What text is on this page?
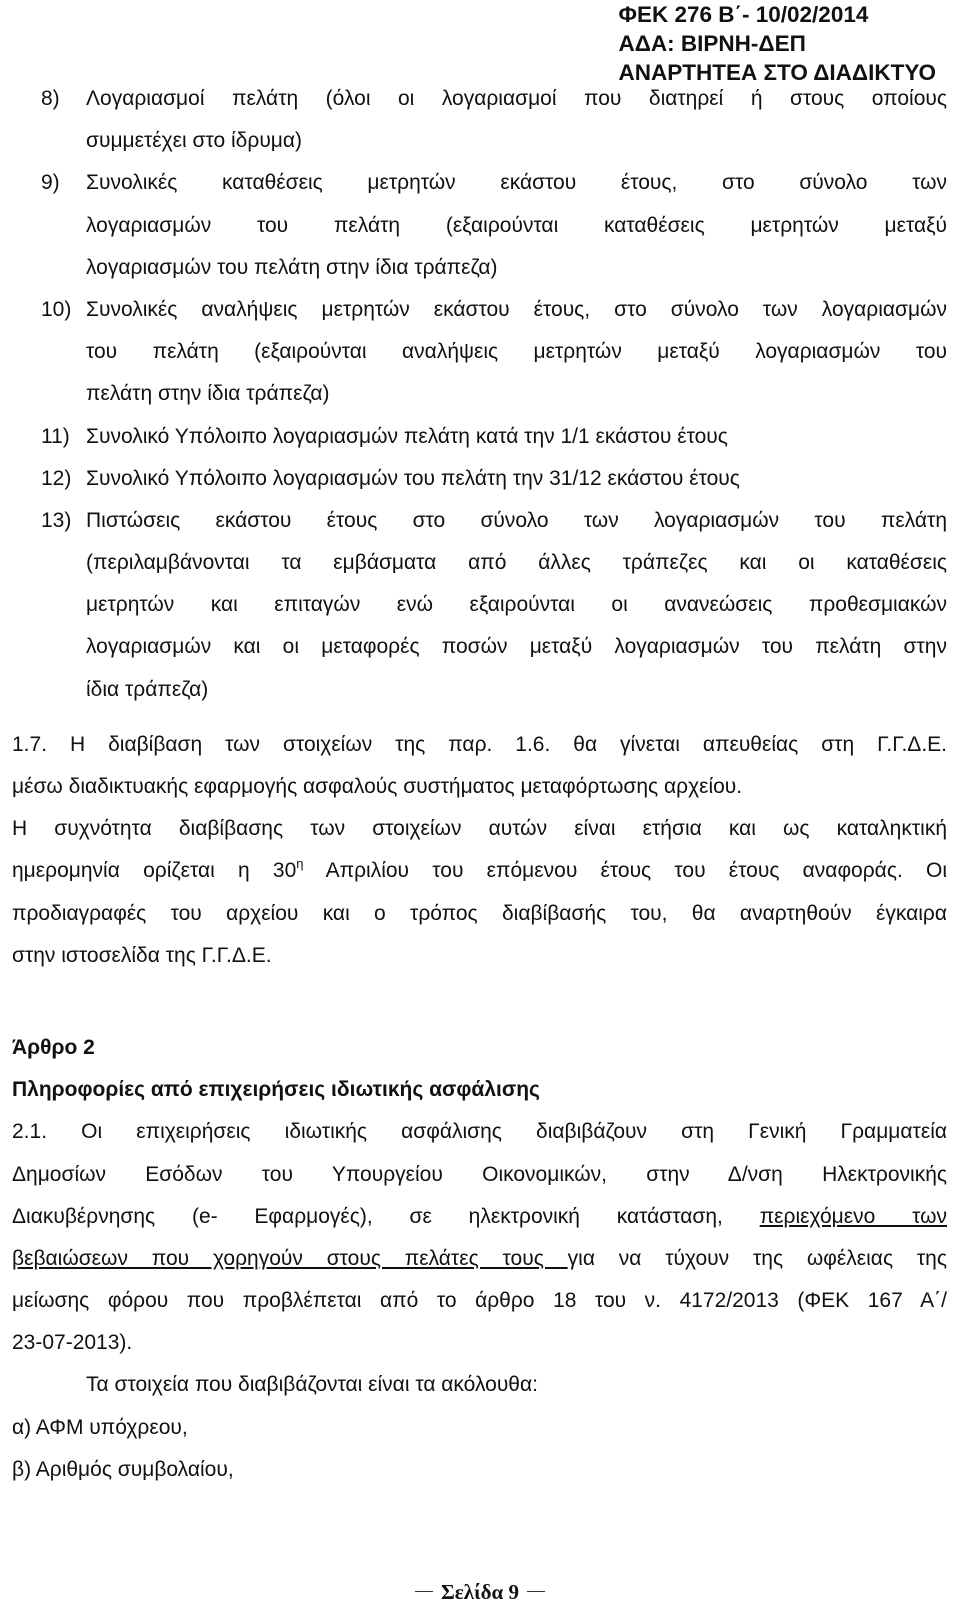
ΦΕΚ 276 Β΄- 10/02/2014
ΑΔΑ: ΒΙΡΝΗ-ΔΕΠ
ΑΝΑΡΤΗΤΕΑ ΣΤΟ ΔΙΑΔΙΚΤΥΟ
8) Λογαριασμοί πελάτη (όλοι οι λογαριασμοί που διατηρεί ή στους οποίους
συμμετέχει στο ίδρυμα)
9) Συνολικές καταθέσεις μετρητών εκάστου έτους, στο σύνολο των
λογαριασμών του πελάτη (εξαιρούνται καταθέσεις μετρητών μεταξύ
λογαριασμών του πελάτη στην ίδια τράπεζα)
10) Συνολικές αναλήψεις μετρητών εκάστου έτους, στο σύνολο των λογαριασμών
του πελάτη (εξαιρούνται αναλήψεις μετρητών μεταξύ λογαριασμών του
πελάτη στην ίδια τράπεζα)
11) Συνολικό Υπόλοιπο λογαριασμών πελάτη κατά την 1/1 εκάστου έτους
12) Συνολικό Υπόλοιπο λογαριασμών του πελάτη την 31/12 εκάστου έτους
13) Πιστώσεις εκάστου έτους στο σύνολο των λογαριασμών του πελάτη
(περιλαμβάνονται τα εμβάσματα από άλλες τράπεζες και οι καταθέσεις
μετρητών και επιταγών ενώ εξαιρούνται οι ανανεώσεις προθεσμιακών
λογαριασμών και οι μεταφορές ποσών μεταξύ λογαριασμών του πελάτη στην
ίδια τράπεζα)
1.7. Η διαβίβαση των στοιχείων της παρ. 1.6. θα γίνεται απευθείας στη Γ.Γ.Δ.Ε.
μέσω διαδικτυακής εφαρμογής ασφαλούς συστήματος μεταφόρτωσης αρχείου.
Η συχνότητα διαβίβασης των στοιχείων αυτών είναι ετήσια και ως καταληκτική
ημερομηνία ορίζεται η $30^\eta$ Απριλίου του επόμενου έτους του έτους αναφοράς. Οι
προδιαγραφές του αρχείου και ο τρόπος διαβίβασής του, θα αναρτηθούν έγκαιρα
στην ιστοσελίδα της Γ.Γ.Δ.Ε.
Άρθρο 2
Πληροφορίες από επιχειρήσεις ιδιωτικής ασφάλισης
2.1. Οι επιχειρήσεις ιδιωτικής ασφάλισης διαβιβάζουν στη Γενική Γραμματεία
Δημοσίων Εσόδων του Υπουργείου Οικονομικών, στην Δ/νση Ηλεκτρονικής
Διακυβέρνησης (e- Εφαρμογές), σε ηλεκτρονική κατάσταση, περιεχόμενο των
βεβαιώσεων που χορηγούν στους πελάτες τους για να τύχουν της ωφέλειας της
μείωσης φόρου που προβλέπεται από το άρθρο 18 του ν. 4172/2013 (ΦΕΚ 167 Α΄/
23-07-2013).
Τα στοιχεία που διαβιβάζονται είναι τα ακόλουθα:
α) ΑΦΜ υπόχρεου,
β) Αριθμός συμβολαίου,
Σελίδα 9
